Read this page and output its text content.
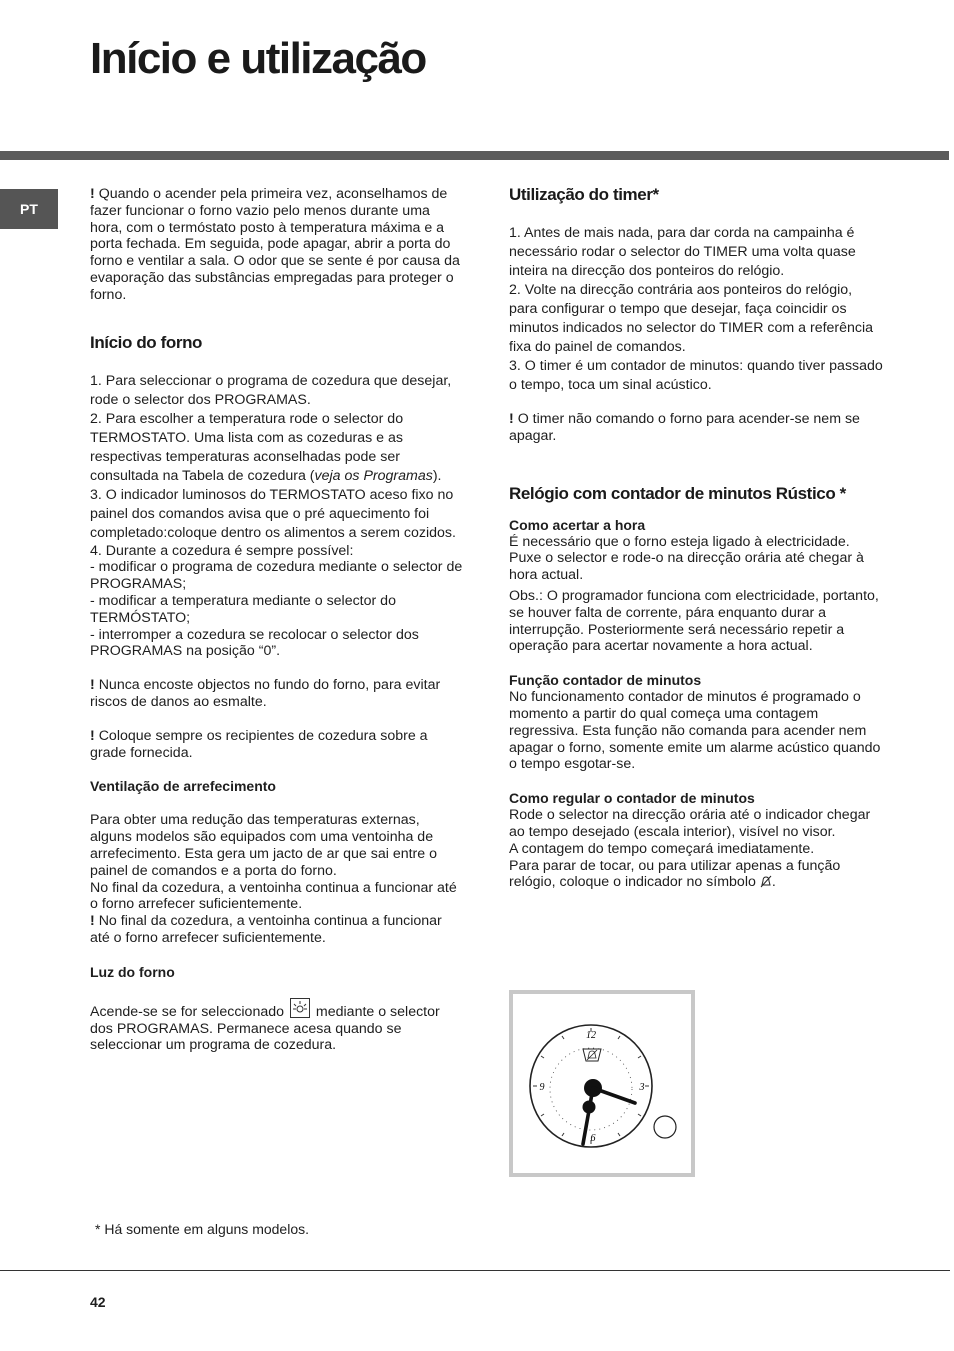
Início e utilização
PT

! Quando o acender pela primeira vez, aconselhamos de fazer funcionar o forno vazio pelo menos durante uma hora, com o termóstato posto à temperatura máxima e a porta fechada. Em seguida, pode apagar, abrir a porta do forno e ventilar a sala. O odor que se sente é por causa da evaporação das substâncias empregadas para proteger o forno.

Início do forno

1. Para seleccionar o programa de cozedura que desejar, rode o selector dos PROGRAMAS.

2. Para escolher a temperatura rode o selector do TERMOSTATO. Uma lista com as cozeduras e as respectivas temperaturas aconselhadas pode ser consultada na Tabela de cozedura (veja os Programas).

3. O indicador luminosos do TERMOSTATO aceso fixo no painel dos comandos avisa que o pré aquecimento foi completado:coloque dentro os alimentos a serem cozidos.

4. Durante a cozedura é sempre possível:

- modificar o programa de cozedura mediante o selector de PROGRAMAS;

- modificar a temperatura mediante o selector do TERMÓSTATO;

- interromper a cozedura se recolocar o selector dos PROGRAMAS na posição “0”.

! Nunca encoste objectos no fundo do forno, para evitar riscos de danos ao esmalte.

! Coloque sempre os recipientes de cozedura sobre a grade fornecida.

Ventilação de arrefecimento

Para obter uma redução das temperaturas externas, alguns modelos são equipados com uma ventoinha de arrefecimento. Esta gera um jacto de ar que sai entre o painel de comandos e a porta do forno.

No final da cozedura, a ventoinha continua a funcionar até o forno arrefecer suficientemente.

! No final da cozedura, a ventoinha continua a funcionar até o forno arrefecer suficientemente.

Luz do forno

Acende-se se for seleccionado mediante o selector dos PROGRAMAS. Permanece acesa quando se seleccionar um programa de cozedura.

Utilização do timer*

1. Antes de mais nada, para dar corda na campainha é necessário rodar o selector do TIMER uma volta quase inteira na direcção dos ponteiros do relógio.

2. Volte na direcção contrária aos ponteiros do relógio, para configurar o tempo que desejar, faça coincidir os minutos indicados no selector do TIMER com a referência fixa do painel de comandos.

3. O timer é um contador de minutos: quando tiver passado o tempo, toca um sinal acústico.

! O timer não comando o forno para acender-se nem se apagar.

Relógio com contador de minutos Rústico *
Como acertar a hora

É necessário que o forno esteja ligado à electricidade. Puxe o selector e rode-o na direcção orária até chegar à hora actual.

Obs.: O programador funciona com electricidade, portanto, se houver falta de corrente, pára enquanto durar a interrupção. Posteriormente será necessário repetir a operação para acertar novamente a hora actual.

Função contador de minutos

No funcionamento contador de minutos é programado o momento a partir do qual começa uma contagem regressiva. Esta função não comanda para acender nem apagar o forno, somente emite um alarme acústico quando o tempo esgotar-se.

Como regular o contador de minutos

Rode o selector na direcção orária até o indicador chegar ao tempo desejado (escala interior), visível no visor.

A contagem do tempo começará imediatamente.

Para parar de tocar, ou para utilizar apenas a função relógio, coloque o indicador no símbolo .

12
3
6
9
* Há somente em alguns modelos.
42
